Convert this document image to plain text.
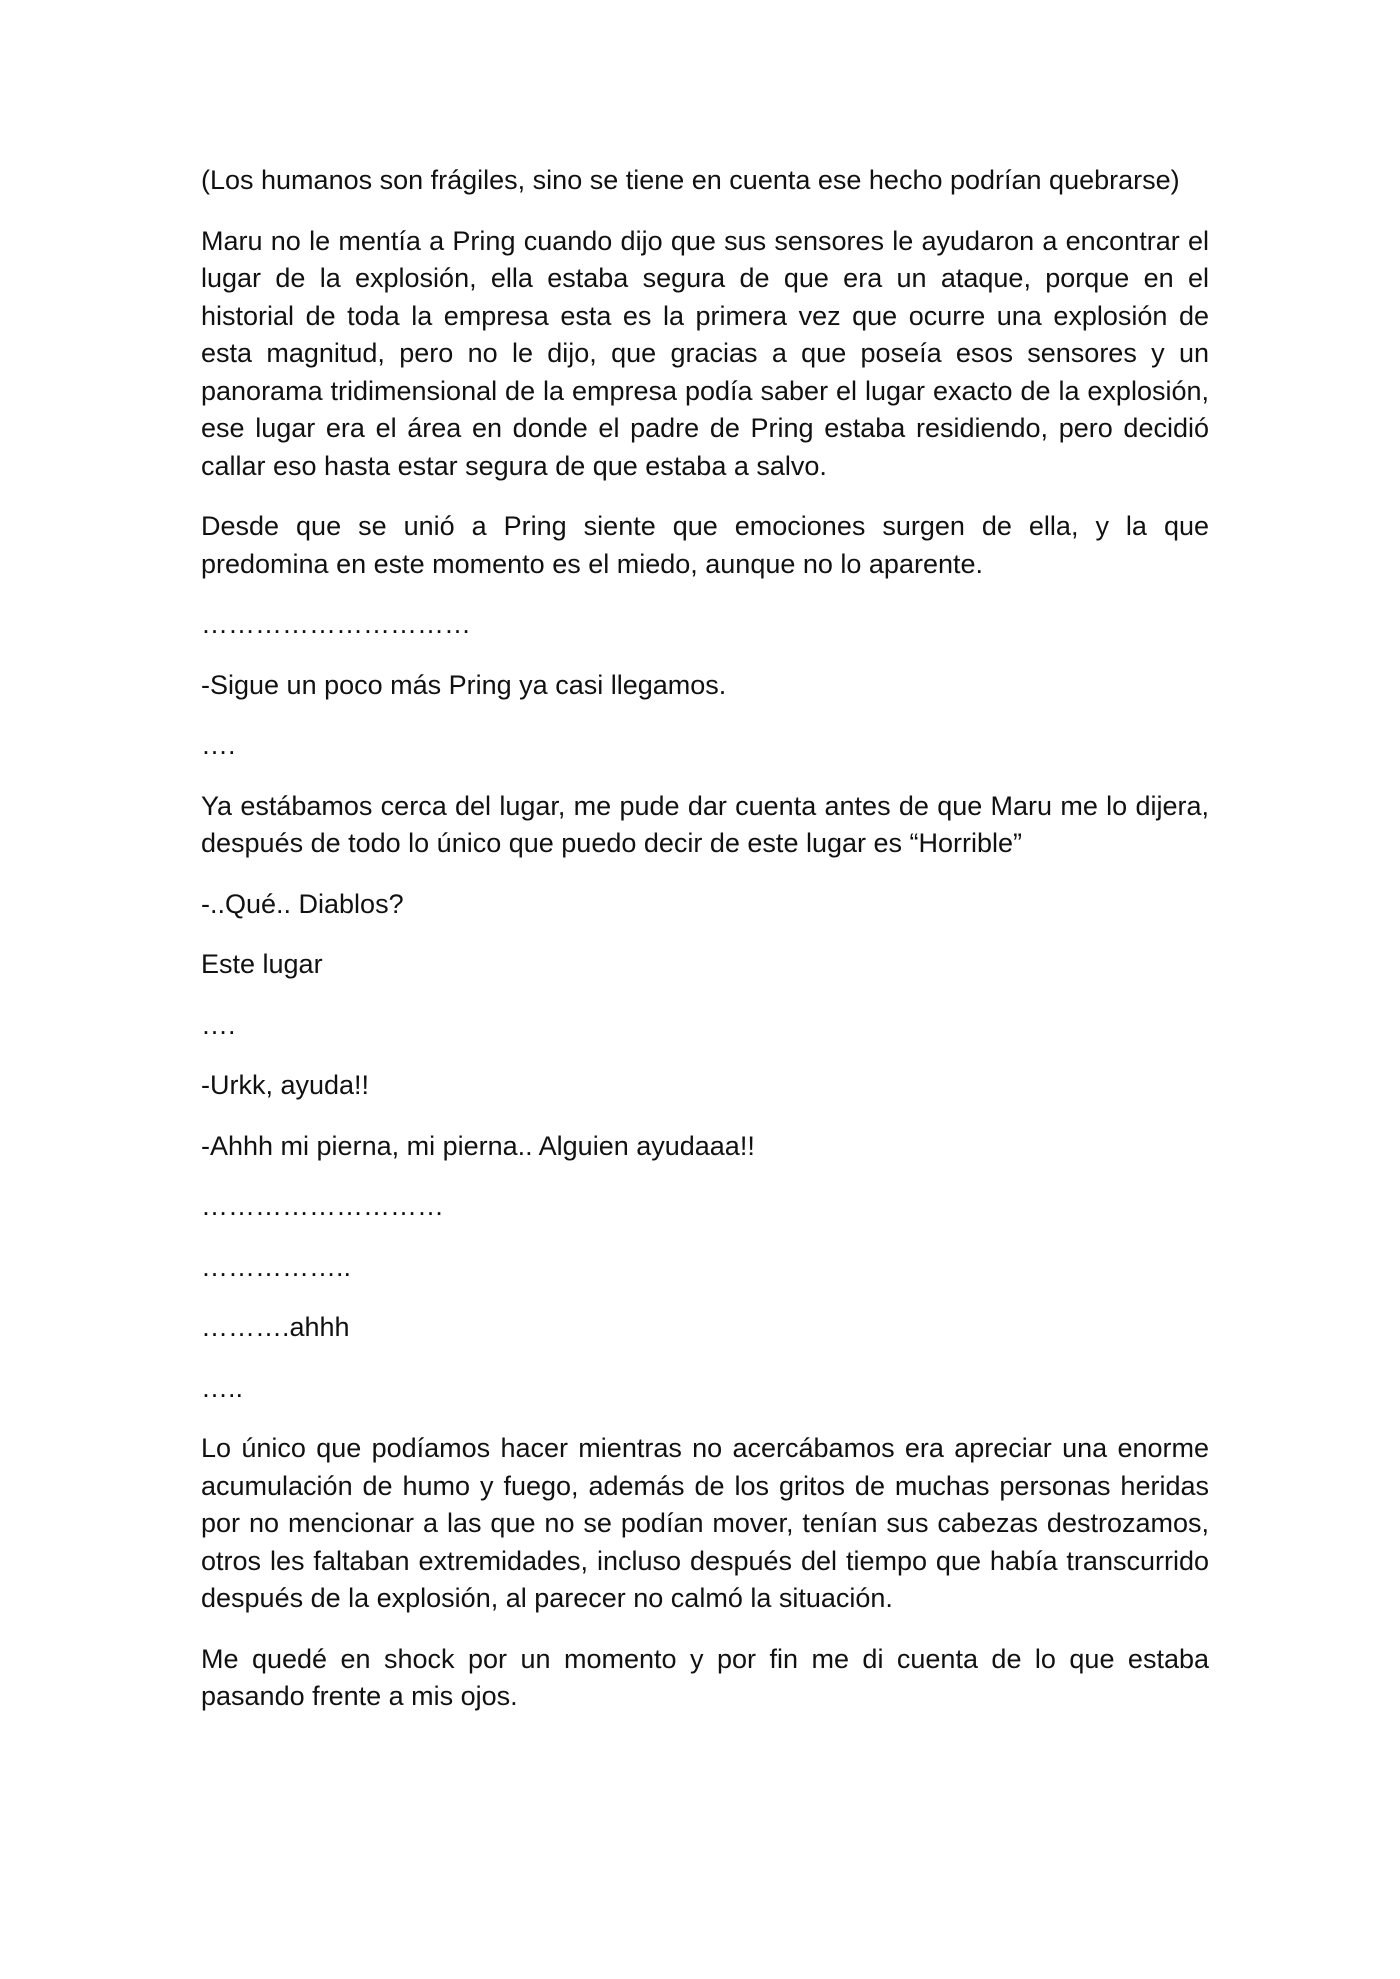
(Los humanos son frágiles, sino se tiene en cuenta ese hecho podrían quebrarse)

Maru no le mentía a Pring cuando dijo que sus sensores le ayudaron a encontrar el lugar de la explosión, ella estaba segura de que era un ataque, porque en el historial de toda la empresa esta es la primera vez que ocurre una explosión de esta magnitud, pero no le dijo, que gracias a que poseía esos sensores y un panorama tridimensional de la empresa podía saber el lugar exacto de la explosión, ese lugar era el área en donde el padre de Pring estaba residiendo, pero decidió callar eso hasta estar segura de que estaba a salvo.

Desde que se unió a Pring siente que emociones surgen de ella, y la que predomina en este momento es el miedo, aunque no lo aparente.

…………………………

-Sigue un poco más Pring ya casi llegamos.

….

Ya estábamos cerca del lugar, me pude dar cuenta antes de que Maru me lo dijera, después de todo lo único que puedo decir de este lugar es “Horrible”

-..Qué.. Diablos?

Este lugar

….

-Urkk, ayuda!!

-Ahhh mi pierna, mi pierna.. Alguien ayudaaa!!

………………………

……………..

……….ahhh

…..

Lo único que podíamos hacer mientras no acercábamos era apreciar una enorme acumulación de humo y fuego, además de los gritos de muchas personas heridas por no mencionar a las que no se podían mover, tenían sus cabezas destrozamos, otros les faltaban extremidades, incluso después del tiempo que había transcurrido después de la explosión, al parecer no calmó la situación.

Me quedé en shock por un momento y por fin me di cuenta de lo que estaba pasando frente a mis ojos.
